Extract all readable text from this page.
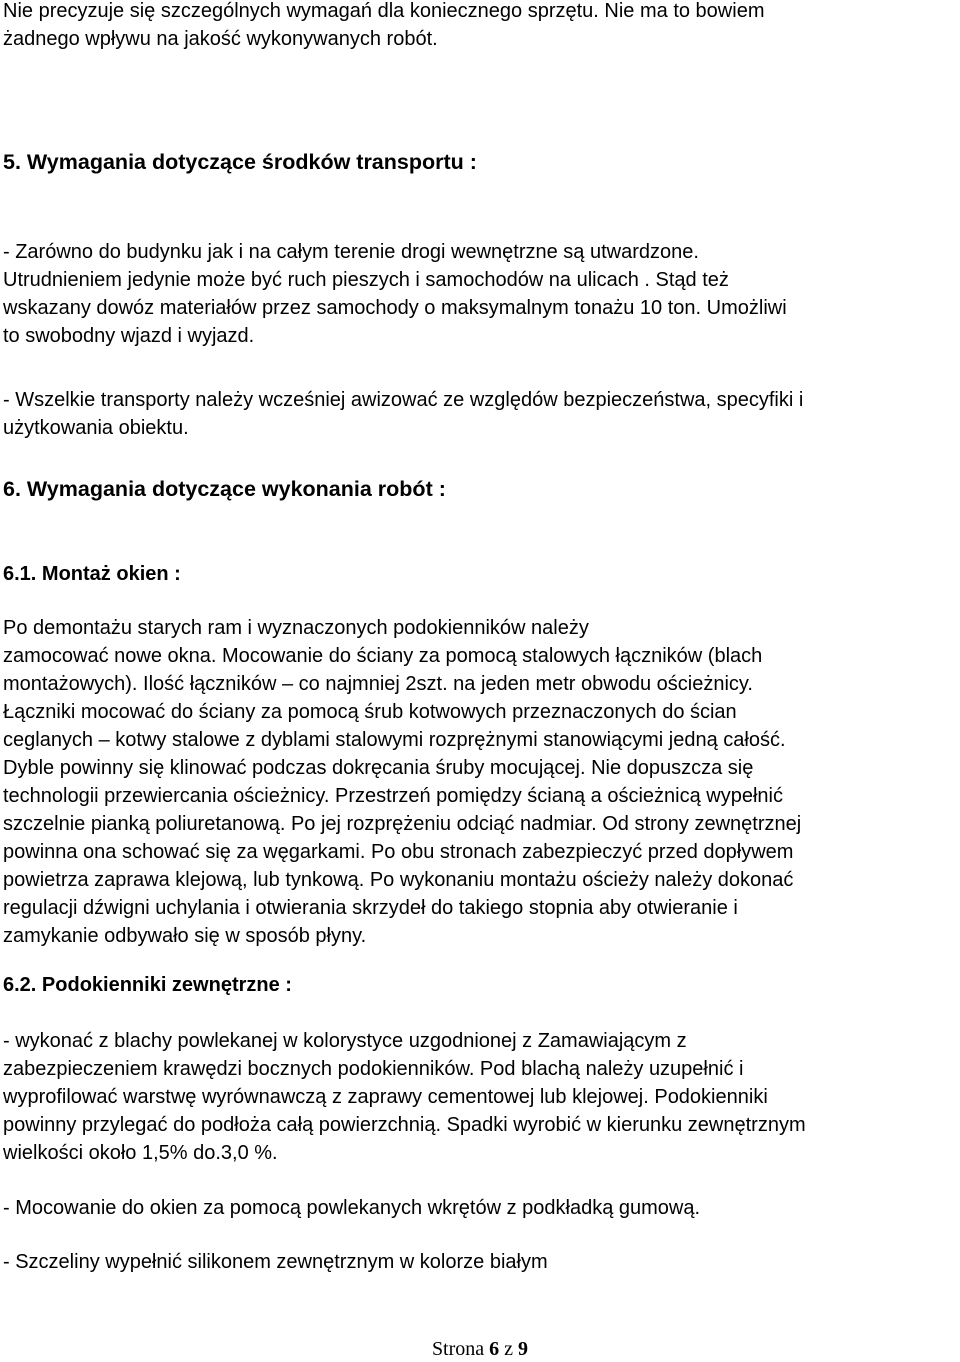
Nie precyzuje się szczególnych wymagań dla koniecznego sprzętu. Nie ma to bowiem

żadnego wpływu na jakość wykonywanych robót.

5. Wymagania dotyczące środków transportu :

- Zarówno do budynku jak i na całym terenie drogi wewnętrzne są utwardzone.

Utrudnieniem jedynie może być ruch pieszych i samochodów na ulicach . Stąd też

wskazany dowóz materiałów przez samochody o maksymalnym tonażu 10 ton. Umożliwi

to swobodny wjazd i wyjazd.

- Wszelkie transporty należy wcześniej awizować ze względów bezpieczeństwa, specyfiki i

użytkowania obiektu.

6. Wymagania dotyczące wykonania robót :

6.1. Montaż okien :

Po demontażu starych ram i wyznaczonych podokienników należy

zamocować nowe okna. Mocowanie do ściany za pomocą stalowych łączników (blach

montażowych). Ilość łączników – co najmniej 2szt. na jeden metr obwodu ościeżnicy.

Łączniki mocować do ściany za pomocą śrub kotwowych przeznaczonych do ścian

ceglanych – kotwy stalowe z dyblami stalowymi rozprężnymi stanowiącymi jedną całość.

Dyble powinny się klinować podczas dokręcania śruby mocującej. Nie dopuszcza się

technologii przewiercania ościeżnicy. Przestrzeń pomiędzy ścianą a ościeżnicą wypełnić

szczelnie pianką poliuretanową. Po jej rozprężeniu odciąć nadmiar. Od strony zewnętrznej

powinna ona schować się za węgarkami. Po obu stronach zabezpieczyć przed dopływem

powietrza zaprawa klejową, lub tynkową. Po wykonaniu montażu ościeży należy dokonać

regulacji dźwigni uchylania i otwierania skrzydeł do takiego stopnia aby otwieranie i

zamykanie odbywało się w sposób płyny.

6.2. Podokienniki zewnętrzne :

- wykonać z blachy powlekanej w kolorystyce uzgodnionej z Zamawiającym z

zabezpieczeniem krawędzi bocznych podokienników. Pod blachą należy uzupełnić i

wyprofilować warstwę wyrównawczą z zaprawy cementowej lub klejowej. Podokienniki

powinny przylegać do podłoża całą powierzchnią. Spadki wyrobić w kierunku zewnętrznym

wielkości około 1,5% do.3,0 %.

- Mocowanie do okien za pomocą powlekanych wkrętów z podkładką gumową.

- Szczeliny wypełnić silikonem zewnętrznym w kolorze białym

Strona 6 z 9
